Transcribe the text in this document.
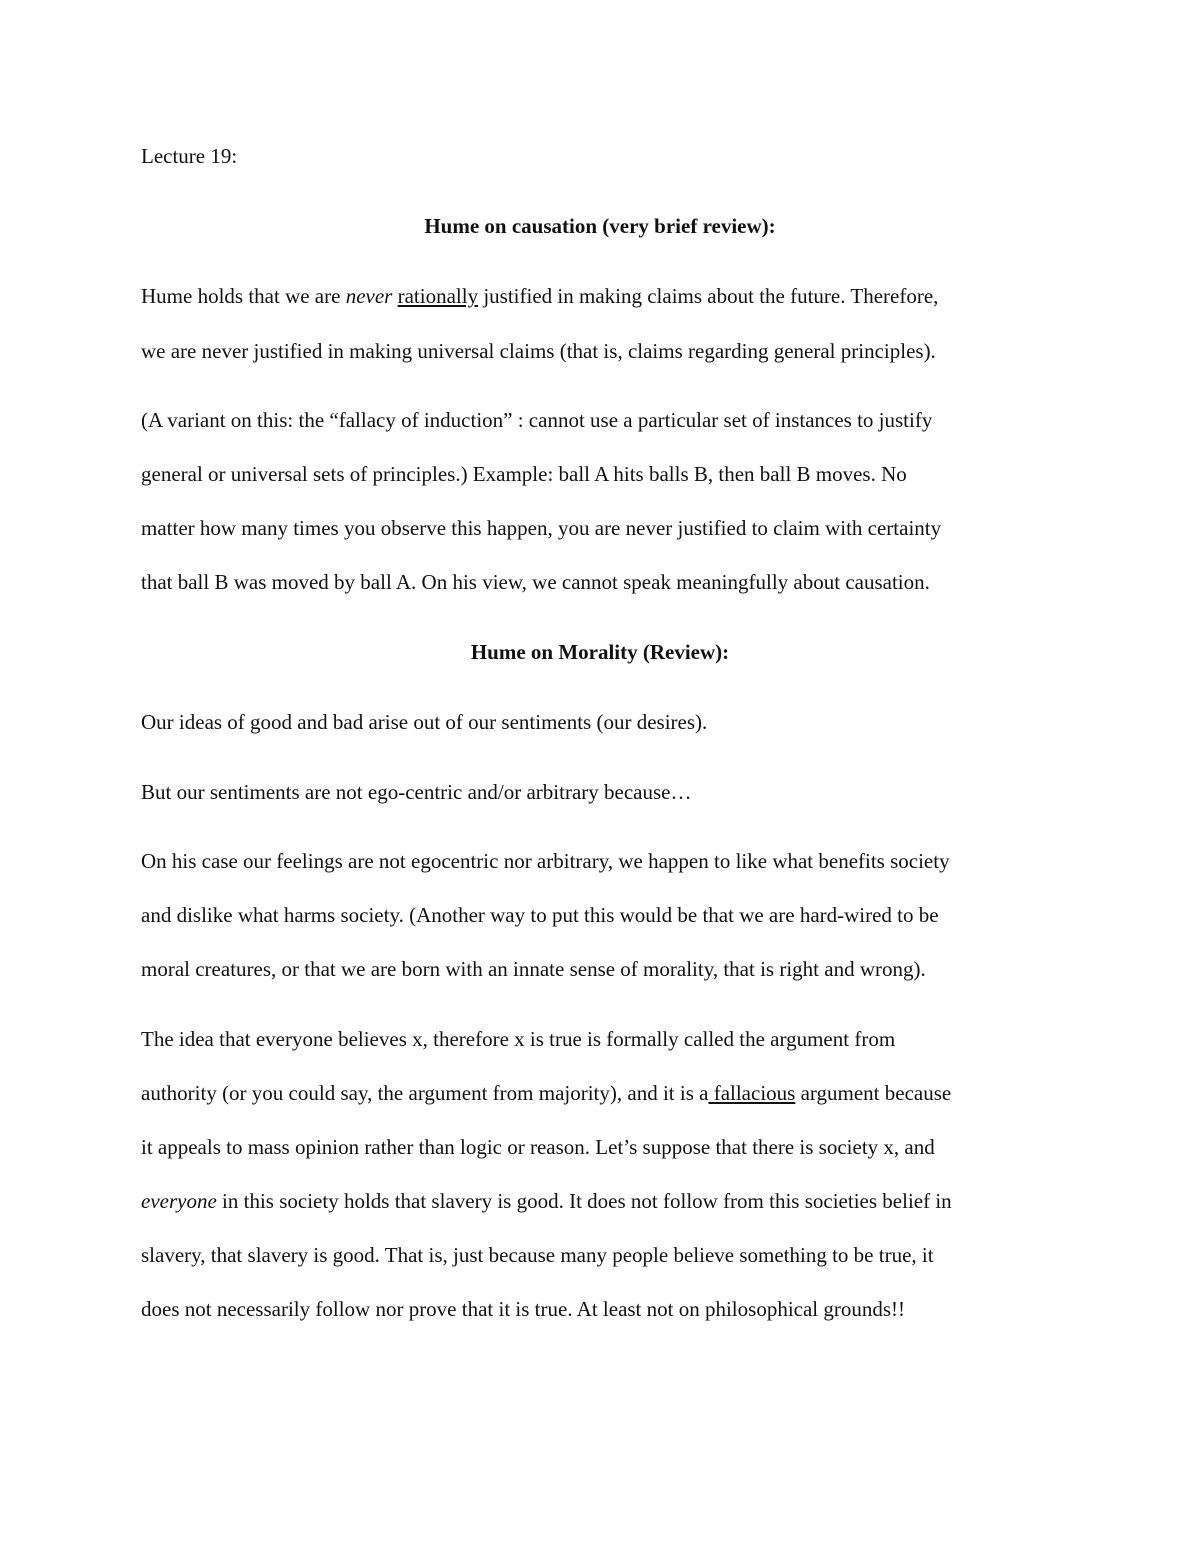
Lecture 19:
Hume on causation (very brief review):
Hume holds that we are never rationally justified in making claims about the future. Therefore,
we are never justified in making universal claims (that is, claims regarding general principles).
(A variant on this: the “fallacy of induction” : cannot use a particular set of instances to justify
general or universal sets of principles.) Example: ball A hits balls B, then ball B moves. No
matter how many times you observe this happen, you are never justified to claim with certainty
that ball B was moved by ball A. On his view, we cannot speak meaningfully about causation.
Hume on Morality (Review):
Our ideas of good and bad arise out of our sentiments (our desires).
But our sentiments are not ego-centric and/or arbitrary because…
On his case our feelings are not egocentric nor arbitrary, we happen to like what benefits society
and dislike what harms society. (Another way to put this would be that we are hard-wired to be
moral creatures, or that we are born with an innate sense of morality, that is right and wrong).
The idea that everyone believes x, therefore x is true is formally called the argument from
authority (or you could say, the argument from majority), and it is a fallacious argument because
it appeals to mass opinion rather than logic or reason. Let’s suppose that there is society x, and
everyone in this society holds that slavery is good. It does not follow from this societies belief in
slavery, that slavery is good. That is, just because many people believe something to be true, it
does not necessarily follow nor prove that it is true. At least not on philosophical grounds!!
